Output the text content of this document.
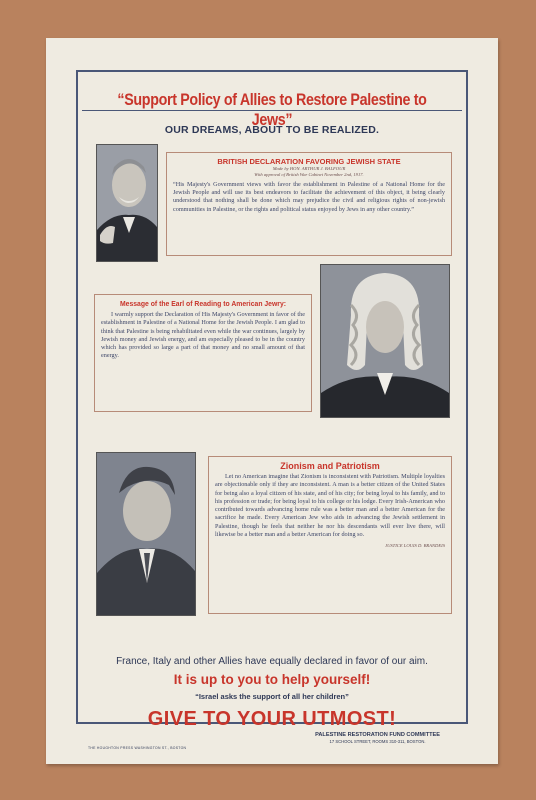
“Support Policy of Allies to Restore Palestine to Jews”
OUR DREAMS, ABOUT TO BE REALIZED.
BRITISH DECLARATION FAVORING JEWISH STATE
Made by HON. ARTHUR J. BALFOUR
With approval of British War Cabinet November 2nd, 1917.
“His Majesty's Government views with favor the establishment in Palestine of a National Home for the Jewish People and will use its best endeavors to facilitate the achievement of this object, it being clearly understood that nothing shall be done which may prejudice the civil and religious rights of non-jewish communities in Palestine, or the rights and political status enjoyed by Jews in any other country.”
Message of the Earl of Reading to American Jewry:
I warmly support the Declaration of His Majesty's Government in favor of the establishment in Palestine of a National Home for the Jewish People. I am glad to think that Palestine is being rehabilitated even while the war continues, largely by Jewish money and Jewish energy, and am especially pleased to be in the country which has provided so large a part of that money and no small amount of that energy.
Zionism and Patriotism
Let no American imagine that Zionism is inconsistent with Patriotism. Multiple loyalties are objectionable only if they are inconsistent. A man is a better citizen of the United States for being also a loyal citizen of his state, and of his city; for being loyal to his family, and to his profession or trade; for being loyal to his college or his lodge. Every Irish-American who contributed towards advancing home rule was a better man and a better American for the sacrifice he made. Every American Jew who aids in advancing the Jewish settlement in Palestine, though he feels that neither he nor his descendants will ever live there, will likewise be a better man and a better American for doing so.
JUSTICE LOUIS D. BRANDEIS
France, Italy and other Allies have equally declared in favor of our aim.
It is up to you to help yourself!
“Israel asks the support of all her children”
GIVE TO YOUR UTMOST!
PALESTINE RESTORATION FUND COMMITTEE
17 SCHOOL STREET, ROOMS 310-311, BOSTON.
THE HOUGHTON PRESS WASHINGTON ST., BOSTON
